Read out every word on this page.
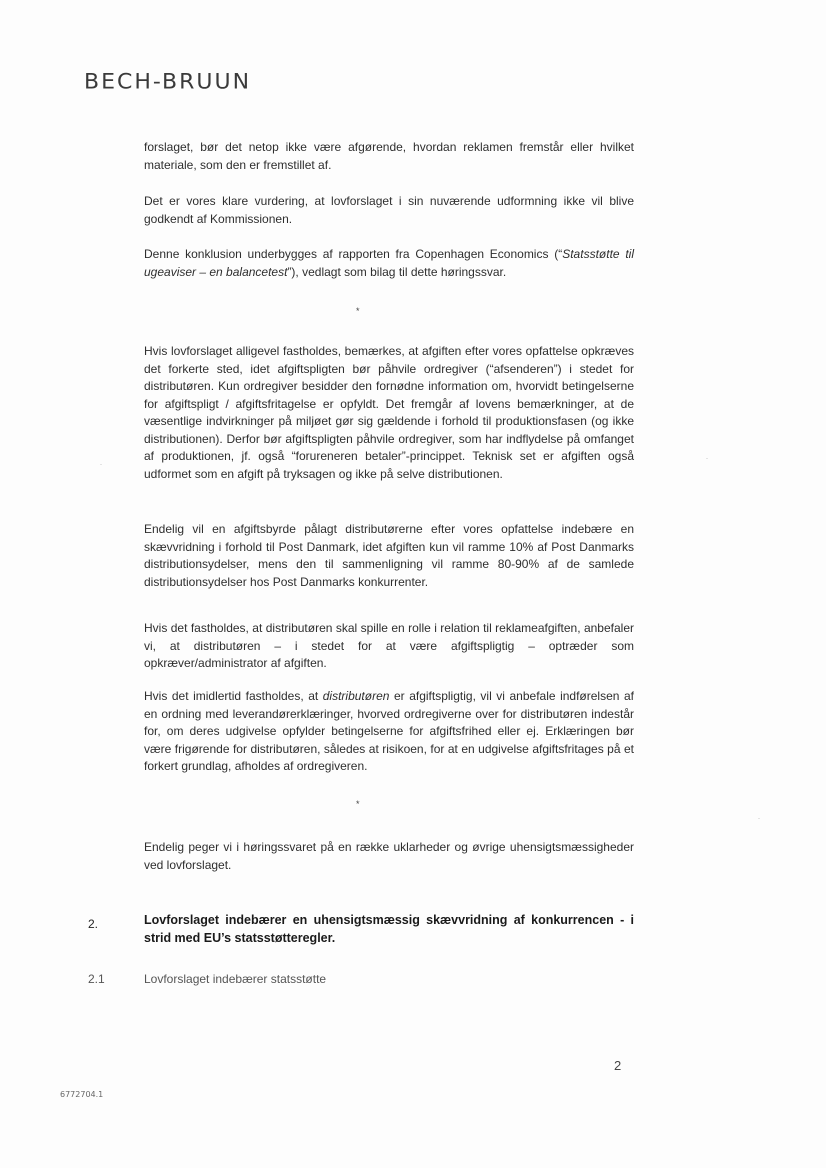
BECH-BRUUN

forslaget, bør det netop ikke være afgørende, hvordan reklamen fremstår eller hvilket materiale, som den er fremstillet af.

Det er vores klare vurdering, at lovforslaget i sin nuværende udformning ikke vil blive godkendt af Kommissionen.

Denne konklusion underbygges af rapporten fra Copenhagen Economics (“Statsstøtte til ugeaviser – en balancetest”), vedlagt som bilag til dette høringssvar.

*

Hvis lovforslaget alligevel fastholdes, bemærkes, at afgiften efter vores opfattelse opkræves det forkerte sted, idet afgiftspligten bør påhvile ordregiver (“afsenderen”) i stedet for distributøren. Kun ordregiver besidder den fornødne information om, hvorvidt betingelserne for afgiftspligt / afgiftsfritagelse er opfyldt. Det fremgår af lovens bemærkninger, at de væsentlige indvirkninger på miljøet gør sig gældende i forhold til produktionsfasen (og ikke distributionen). Derfor bør afgiftspligten påhvile ordregiver, som har indflydelse på omfanget af produktionen, jf. også “forureneren betaler”-princippet. Teknisk set er afgiften også udformet som en afgift på tryksagen og ikke på selve distributionen.

Endelig vil en afgiftsbyrde pålagt distributørerne efter vores opfattelse indebære en skævvridning i forhold til Post Danmark, idet afgiften kun vil ramme 10% af Post Danmarks distributionsydelser, mens den til sammenligning vil ramme 80-90% af de samlede distributionsydelser hos Post Danmarks konkurrenter.

Hvis det fastholdes, at distributøren skal spille en rolle i relation til reklameafgiften, anbefaler vi, at distributøren – i stedet for at være afgiftspligtig – optræder som opkræver/administrator af afgiften.

Hvis det imidlertid fastholdes, at distributøren er afgiftspligtig, vil vi anbefale indførelsen af en ordning med leverandørerklæringer, hvorved ordregiverne over for distributøren indestår for, om deres udgivelse opfylder betingelserne for afgiftsfrihed eller ej. Erklæringen bør være frigørende for distributøren, således at risikoen, for at en udgivelse afgiftsfritages på et forkert grundlag, afholdes af ordregiveren.

*

Endelig peger vi i høringssvaret på en række uklarheder og øvrige uhensigtsmæssigheder ved lovforslaget.

2.	Lovforslaget indebærer en uhensigtsmæssig skævvridning af konkurrencen - i strid med EU’s statsstøtteregler.
2.1	Lovforslaget indebærer statsstøtte
2
6772704.1
·
·
·
